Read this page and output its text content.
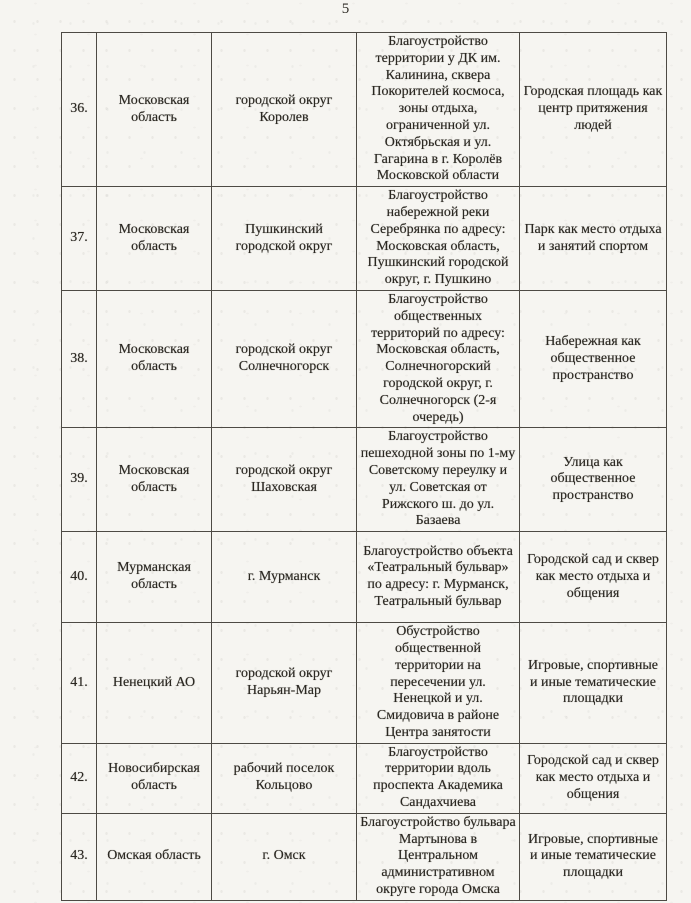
5
36.	Московская область	городской округ Королев	Благоустройство территории у ДК им. Калинина, сквера Покорителей космоса, зоны отдыха, ограниченной ул. Октябрьская и ул. Гагарина в г. Королёв Московской области	Городская площадь как центр притяжения людей
37.	Московская область	Пушкинский городской округ	Благоустройство набережной реки Серебрянка по адресу: Московская область, Пушкинский городской округ, г. Пушкино	Парк как место отдыха и занятий спортом
38.	Московская область	городской округ Солнечногорск	Благоустройство общественных территорий по адресу: Московская область, Солнечногорский городской округ, г. Солнечногорск (2-я очередь)	Набережная как общественное пространство
39.	Московская область	городской округ Шаховская	Благоустройство пешеходной зоны по 1-му Советскому переулку и ул. Советская от Рижского ш. до ул. Базаева	Улица как общественное пространство
40.	Мурманская область	г. Мурманск	Благоустройство объекта «Театральный бульвар» по адресу: г. Мурманск, Театральный бульвар	Городской сад и сквер как место отдыха и общения
41.	Ненецкий АО	городской округ Нарьян-Мар	Обустройство общественной территории на пересечении ул. Ненецкой и ул. Смидовича в районе Центра занятости	Игровые, спортивные и иные тематические площадки
42.	Новосибирская область	рабочий поселок Кольцово	Благоустройство территории вдоль проспекта Академика Сандахчиева	Городской сад и сквер как место отдыха и общения
43.	Омская область	г. Омск	Благоустройство бульвара Мартынова в Центральном административном округе города Омска	Игровые, спортивные и иные тематические площадки
